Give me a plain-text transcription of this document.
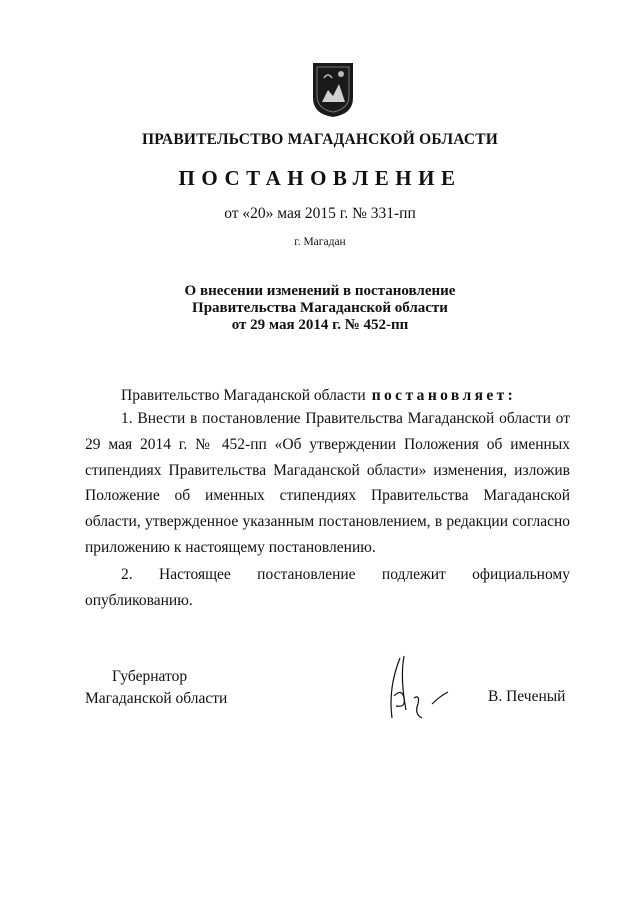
ПРАВИТЕЛЬСТВО МАГАДАНСКОЙ ОБЛАСТИ
ПОСТАНОВЛЕНИЕ
от «20» мая 2015 г. № 331-пп
г. Магадан
О внесении изменений в постановление
Правительства Магаданской области
от 29 мая 2014 г. № 452-пп
Правительство Магаданской области постановляет:
1. Внести в постановление Правительства Магаданской области от 29 мая 2014 г. № 452-пп «Об утверждении Положения об именных стипендиях Правительства Магаданской области» изменения, изложив Положение об именных стипендиях Правительства Магаданской области, утвержденное указанным постановлением, в редакции согласно приложению к настоящему постановлению.
2. Настоящее постановление подлежит официальному опубликованию.
Губернатор
Магаданской области	В. Печеный
